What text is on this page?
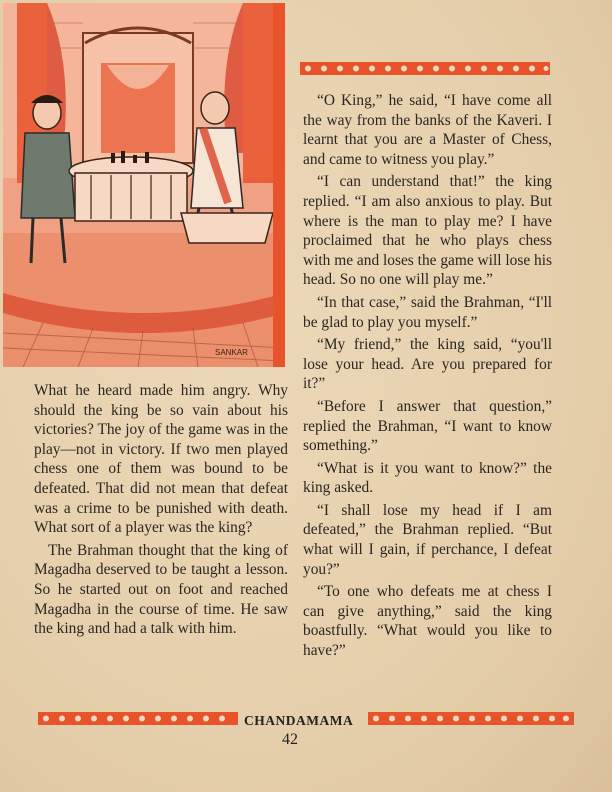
SANKAR

What he heard made him angry. Why should the king be so vain about his victories? The joy of the game was in the play—not in victory. If two men played chess one of them was bound to be defeated. That did not mean that defeat was a crime to be punished with death. What sort of a player was the king?

The Brahman thought that the king of Magadha deserved to be taught a lesson. So he started out on foot and reached Magadha in the course of time. He saw the king and had a talk with him.

“O King,” he said, “I have come all the way from the banks of the Kaveri. I learnt that you are a Master of Chess, and came to witness you play.”

“I can understand that!” the king replied. “I am also anxious to play. But where is the man to play me? I have proclaimed that he who plays chess with me and loses the game will lose his head. So no one will play me.”

“In that case,” said the Brahman, “I'll be glad to play you myself.”

“My friend,” the king said, “you'll lose your head. Are you prepared for it?”

“Before I answer that question,” replied the Brahman, “I want to know something.”

“What is it you want to know?” the king asked.

“I shall lose my head if I am defeated,” the Brahman replied. “But what will I gain, if perchance, I defeat you?”

“To one who defeats me at chess I can give anything,” said the king boastfully. “What would you like to have?”

CHANDAMAMA
42
